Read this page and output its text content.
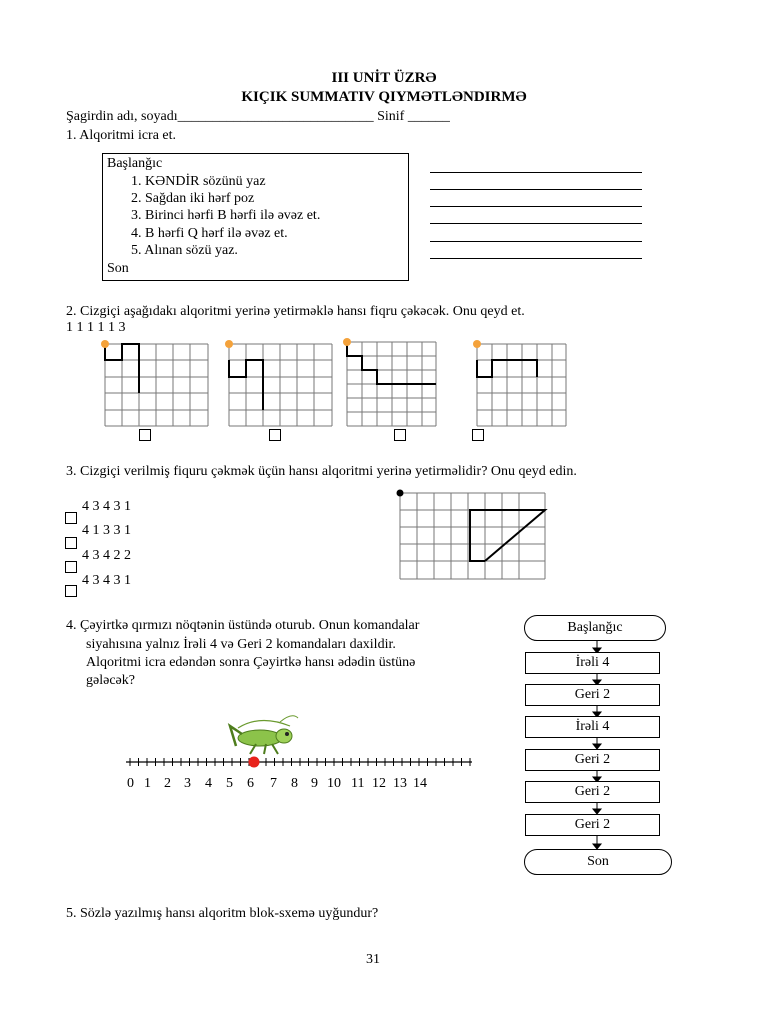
III UNİT ÜZRƏ
KIÇIK SUMMATIV QIYMƏTLƏNDIRMƏ
Şagirdin adı, soyadı____________________________ Sinif ______
1. Alqoritmi icra et.
Başlanğıc
1. KƏNDİR sözünü yaz
2. Sağdan iki hərf poz
3. Birinci hərfi B hərfi ilə əvəz et.
4. B hərfi Q hərf ilə əvəz et.
5. Alınan sözü yaz.
Son
2. Cizgiçi aşağıdakı alqoritmi yerinə yetirməklə hansı fiqru çəkəcək. Onu qeyd et.
1 1 1 1 1 3
3. Cizgiçi verilmiş fiquru çəkmək üçün hansı alqoritmi yerinə yetirməlidir? Onu qeyd edin.
4 3 4 3 1
4 1 3 3 1
4 3 4 2 2
4 3 4 3 1
4. Çəyirtkə qırmızı nöqtənin üstündə oturub. Onun komandalar
siyahısına yalnız İrəli 4 və Geri 2 komandaları daxildir.
Alqoritmi icra edəndən sonra Çəyirtkə hansı ədədin üstünə
gələcək?
0 1 2 3 4 5 6 7 8 9 10 11 12 13 14
Başlanğıc
İrəli 4
Geri 2
İrəli 4
Geri 2
Geri 2
Geri 2
Son
5. Sözlə yazılmış hansı alqoritm blok-sxemə uyğundur?
31
